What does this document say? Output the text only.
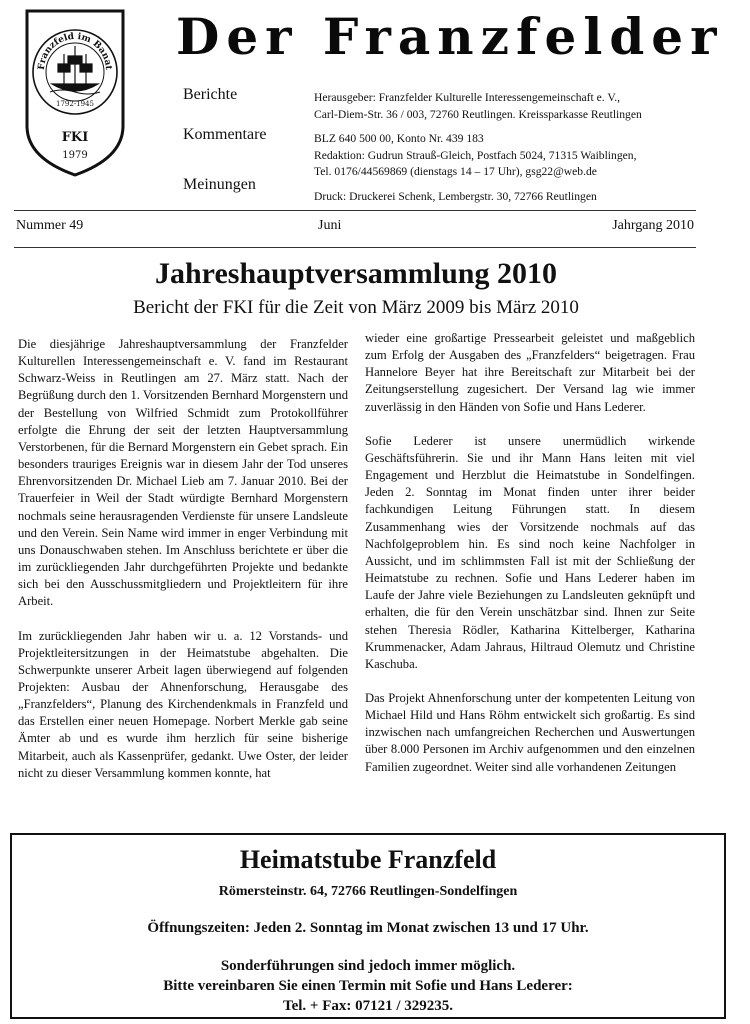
Franzfeld im Banat
1792-1945
FKI
1979
Der Franzfelder
Berichte
Kommentare
Meinungen
Herausgeber: Franzfelder Kulturelle Interessengemeinschaft e. V.,
Carl-Diem-Str. 36 / 003, 72760 Reutlingen. Kreissparkasse Reutlingen
BLZ 640 500 00, Konto Nr. 439 183
Redaktion: Gudrun Strauß-Gleich, Postfach 5024, 71315 Waiblingen,
Tel. 0176/44569869 (dienstags 14 – 17 Uhr), gsg22@web.de
Druck: Druckerei Schenk, Lembergstr. 30, 72766 Reutlingen
Nummer 49	Juni	Jahrgang 2010
Jahreshauptversammlung 2010
Bericht der FKI für die Zeit von März 2009 bis März 2010

Die diesjährige Jahreshauptversammlung der Franzfelder Kulturellen Interessengemeinschaft e. V. fand im Restaurant Schwarz-Weiss in Reutlingen am 27. März statt. Nach der Begrüßung durch den 1. Vorsitzenden Bernhard Morgenstern und der Bestellung von Wilfried Schmidt zum Protokollführer erfolgte die Ehrung der seit der letzten Hauptversammlung Verstorbenen, für die Bernard Morgenstern ein Gebet sprach. Ein besonders trauriges Ereignis war in diesem Jahr der Tod unseres Ehrenvorsitzenden Dr. Michael Lieb am 7. Januar 2010. Bei der Trauerfeier in Weil der Stadt würdigte Bernhard Morgenstern nochmals seine herausragenden Verdienste für unsere Landsleute und den Verein. Sein Name wird immer in enger Verbindung mit uns Donauschwaben stehen. Im Anschluss berichtete er über die im zurückliegenden Jahr durchgeführten Projekte und bedankte sich bei den Ausschussmitgliedern und Projektleitern für ihre Arbeit.

Im zurückliegenden Jahr haben wir u. a. 12 Vorstands- und Projektleitersitzungen in der Heimatstube abgehalten. Die Schwerpunkte unserer Arbeit lagen überwiegend auf folgenden Projekten: Ausbau der Ahnenforschung, Herausgabe des „Franzfelders“, Planung des Kirchendenkmals in Franzfeld und das Erstellen einer neuen Homepage. Norbert Merkle gab seine Ämter ab und es wurde ihm herzlich für seine bisherige Mitarbeit, auch als Kassenprüfer, gedankt. Uwe Oster, der leider nicht zu dieser Versammlung kommen konnte, hat

wieder eine großartige Pressearbeit geleistet und maßgeblich zum Erfolg der Ausgaben des „Franzfelders“ beigetragen. Frau Hannelore Beyer hat ihre Bereitschaft zur Mitarbeit bei der Zeitungserstellung zugesichert. Der Versand lag wie immer zuverlässig in den Händen von Sofie und Hans Lederer.

Sofie Lederer ist unsere unermüdlich wirkende Geschäftsführerin. Sie und ihr Mann Hans leiten mit viel Engagement und Herzblut die Heimatstube in Sondelfingen. Jeden 2. Sonntag im Monat finden unter ihrer beider fachkundigen Leitung Führungen statt. In diesem Zusammenhang wies der Vorsitzende nochmals auf das Nachfolgeproblem hin. Es sind noch keine Nachfolger in Aussicht, und im schlimmsten Fall ist mit der Schließung der Heimatstube zu rechnen. Sofie und Hans Lederer haben im Laufe der Jahre viele Beziehungen zu Landsleuten geknüpft und erhalten, die für den Verein unschätzbar sind. Ihnen zur Seite stehen Theresia Rödler, Katharina Kittelberger, Katharina Krummenacker, Adam Jahraus, Hiltraud Olemutz und Christine Kaschuba.

Das Projekt Ahnenforschung unter der kompetenten Leitung von Michael Hild und Hans Röhm entwickelt sich großartig. Es sind inzwischen nach umfangreichen Recherchen und Auswertungen über 8.000 Personen im Archiv aufgenommen und den einzelnen Familien zugeordnet. Weiter sind alle vorhandenen Zeitungen

Heimatstube Franzfeld
Römersteinstr. 64, 72766 Reutlingen-Sondelfingen
Öffnungszeiten: Jeden 2. Sonntag im Monat zwischen 13 und 17 Uhr.
Sonderführungen sind jedoch immer möglich.
Bitte vereinbaren Sie einen Termin mit Sofie und Hans Lederer:
Tel. + Fax: 07121 / 329235.
